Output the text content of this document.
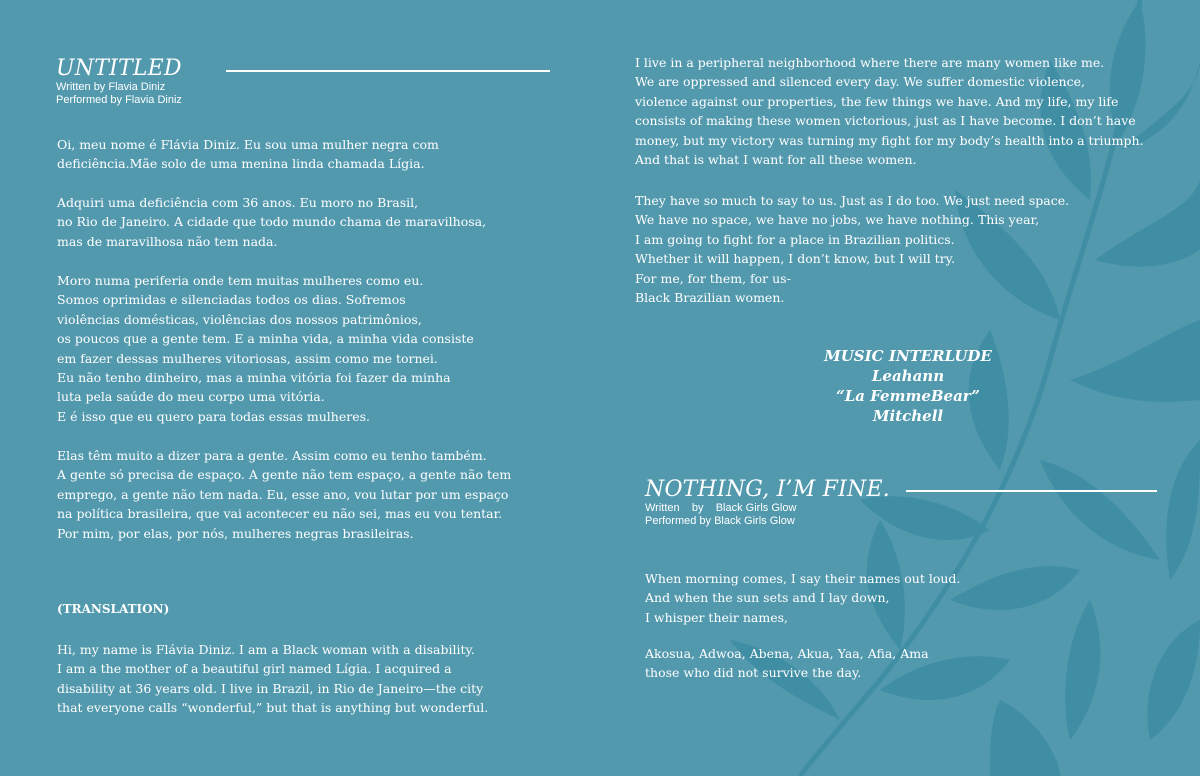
UNTITLED
Written by Flavia Diniz
Performed by Flavia Diniz

Oi, meu nome é Flávia Diniz. Eu sou uma mulher negra com
deficiência.Mãe solo de uma menina linda chamada Lígia.

Adquiri uma deficiência com 36 anos. Eu moro no Brasil,
no Rio de Janeiro. A cidade que todo mundo chama de maravilhosa,
mas de maravilhosa não tem nada.

Moro numa periferia onde tem muitas mulheres como eu.
Somos oprimidas e silenciadas todos os dias. Sofremos
violências domésticas, violências dos nossos patrimônios,
os poucos que a gente tem. E a minha vida, a minha vida consiste
em fazer dessas mulheres vitoriosas, assim como me tornei.
Eu não tenho dinheiro, mas a minha vitória foi fazer da minha
luta pela saúde do meu corpo uma vitória.
E é isso que eu quero para todas essas mulheres.

Elas têm muito a dizer para a gente. Assim como eu tenho também.
A gente só precisa de espaço. A gente não tem espaço, a gente não tem
emprego, a gente não tem nada. Eu, esse ano, vou lutar por um espaço
na política brasileira, que vai acontecer eu não sei, mas eu vou tentar.
Por mim, por elas, por nós, mulheres negras brasileiras.

(TRANSLATION)

Hi, my name is Flávia Diniz. I am a Black woman with a disability.
I am a the mother of a beautiful girl named Lígia. I acquired a
disability at 36 years old. I live in Brazil, in Rio de Janeiro—the city
that everyone calls “wonderful,” but that is anything but wonderful.

I live in a peripheral neighborhood where there are many women like me.
We are oppressed and silenced every day. We suffer domestic violence,
violence against our properties, the few things we have. And my life, my life
consists of making these women victorious, just as I have become. I don’t have
money, but my victory was turning my fight for my body’s health into a triumph.
And that is what I want for all these women.

They have so much to say to us. Just as I do too. We just need space.
We have no space, we have no jobs, we have nothing. This year,
I am going to fight for a place in Brazilian politics.
Whether it will happen, I don’t know, but I will try.
For me, for them, for us-
Black Brazilian women.

MUSIC INTERLUDE
Leahann
“La FemmeBear”
Mitchell
NOTHING, I’M FINE.
Written    by    Black Girls Glow
Performed by Black Girls Glow

When morning comes, I say their names out loud.
And when the sun sets and I lay down,
I whisper their names,

Akosua, Adwoa, Abena, Akua, Yaa, Afia, Ama
those who did not survive the day.
